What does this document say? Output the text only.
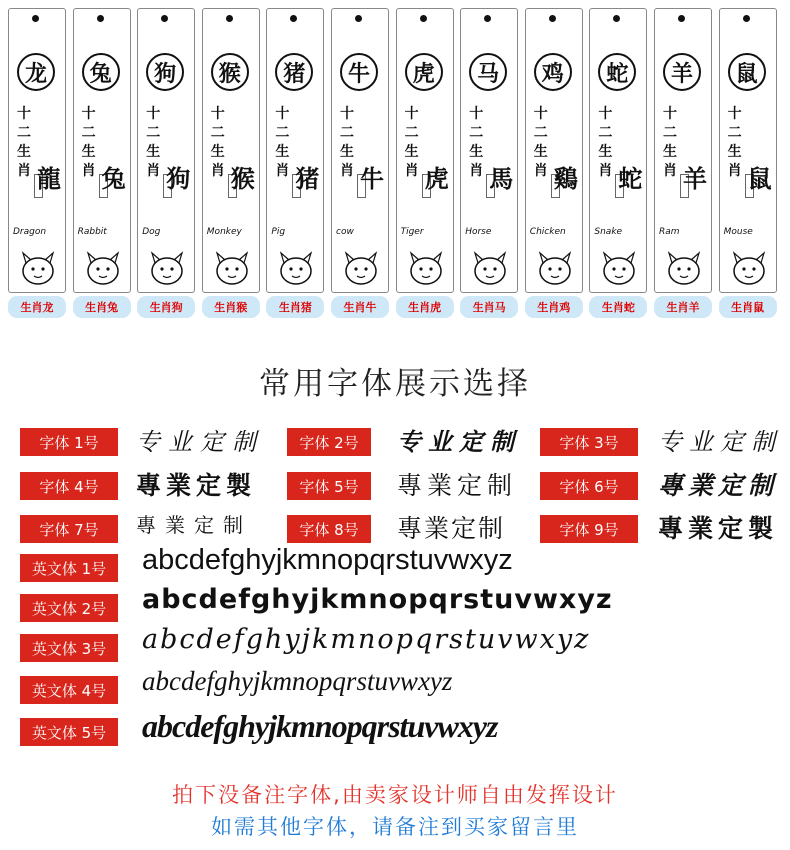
龙
十二生肖 龍
Dragon
生肖龙
兔
十二生肖 兔
Rabbit
生肖兔
狗
十二生肖 狗
Dog
生肖狗
猴
十二生肖 猴
Monkey
生肖猴
猪
十二生肖 猪
Pig
生肖猪
牛
十二生肖 牛
cow
生肖牛
虎
十二生肖 虎
Tiger
生肖虎
马
十二生肖 馬
Horse
生肖马
鸡
十二生肖 鷄
Chicken
生肖鸡
蛇
十二生肖 蛇
Snake
生肖蛇
羊
十二生肖 羊
Ram
生肖羊
鼠
十二生肖 鼠
Mouse
生肖鼠
常用字体展示选择
字体 1号	专业定制	字体 2号	专业定制	字体 3号	专业定制
字体 4号	專業定製	字体 5号	專業定制	字体 6号	專業定制
字体 7号	專業定制	字体 8号	專業定制	字体 9号	專業定製
英文体 1号	abcdefghyjkmnopqrstuvwxyz
英文体 2号	abcdefghyjkmnopqrstuvwxyz
英文体 3号	abcdefghyjkmnopqrstuvwxyz
英文体 4号	abcdefghyjkmnopqrstuvwxyz
英文体 5号	abcdefghyjkmnopqrstuvwxyz
拍下没备注字体,由卖家设计师自由发挥设计
如需其他字体，请备注到买家留言里
